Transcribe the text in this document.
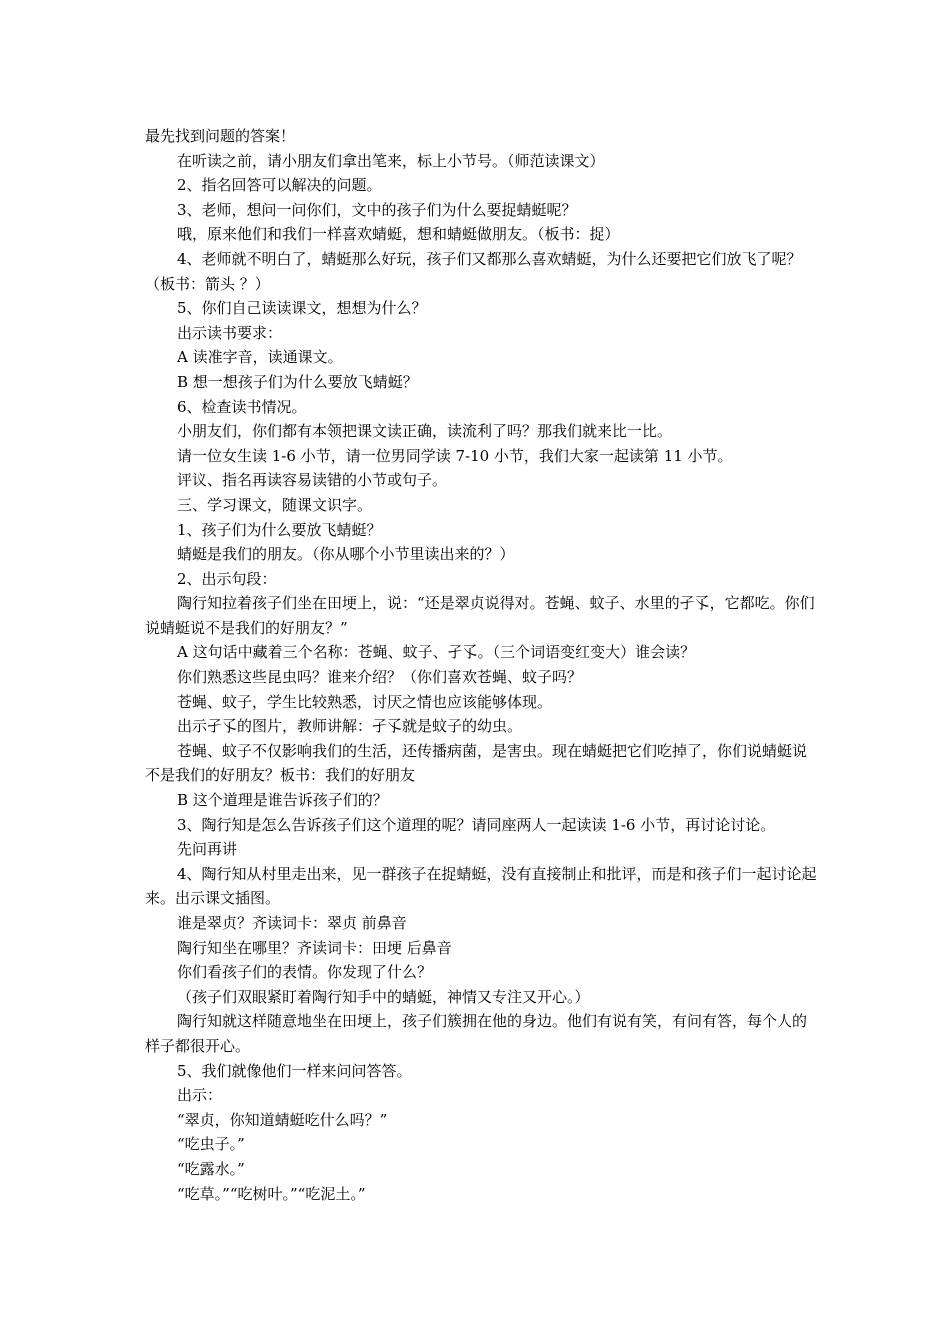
最先找到问题的答案！

在听读之前，请小朋友们拿出笔来，标上小节号。（师范读课文）

2、指名回答可以解决的问题。

3、老师，想问一问你们，文中的孩子们为什么要捉蜻蜓呢？

哦，原来他们和我们一样喜欢蜻蜓，想和蜻蜓做朋友。（板书：捉）

4、老师就不明白了，蜻蜓那么好玩，孩子们又都那么喜欢蜻蜓，为什么还要把它们放飞了呢？（板书：箭头 ？）

5、你们自己读读课文，想想为什么？

出示读书要求：

A 读准字音，读通课文。

B 想一想孩子们为什么要放飞蜻蜓？

6、检查读书情况。

小朋友们，你们都有本领把课文读正确，读流利了吗？那我们就来比一比。

请一位女生读 1-6 小节，请一位男同学读 7-10 小节，我们大家一起读第 11 小节。

评议、指名再读容易读错的小节或句子。

三、学习课文，随课文识字。

1、孩子们为什么要放飞蜻蜓？

蜻蜓是我们的朋友。（你从哪个小节里读出来的？）

2、出示句段：

陶行知拉着孩子们坐在田埂上，说：“还是翠贞说得对。苍蝇、蚊子、水里的孑孓，它都吃。你们说蜻蜓说不是我们的好朋友？”

A 这句话中藏着三个名称：苍蝇、蚊子、孑孓。（三个词语变红变大）谁会读？

你们熟悉这些昆虫吗？谁来介绍？（你们喜欢苍蝇、蚊子吗？

苍蝇、蚊子，学生比较熟悉，讨厌之情也应该能够体现。

出示孑孓的图片，教师讲解：孑孓就是蚊子的幼虫。

苍蝇、蚊子不仅影响我们的生活，还传播病菌，是害虫。现在蜻蜓把它们吃掉了，你们说蜻蜓说不是我们的好朋友？板书：我们的好朋友

B 这个道理是谁告诉孩子们的？

3、陶行知是怎么告诉孩子们这个道理的呢？请同座两人一起读读 1-6 小节，再讨论讨论。

先问再讲

4、陶行知从村里走出来，见一群孩子在捉蜻蜓，没有直接制止和批评，而是和孩子们一起讨论起来。出示课文插图。

谁是翠贞？齐读词卡：翠贞 前鼻音

陶行知坐在哪里？齐读词卡：田埂 后鼻音

你们看孩子们的表情。你发现了什么？

（孩子们双眼紧盯着陶行知手中的蜻蜓，神情又专注又开心。）

陶行知就这样随意地坐在田埂上，孩子们簇拥在他的身边。他们有说有笑，有问有答，每个人的样子都很开心。

5、我们就像他们一样来问问答答。

出示：

“翠贞，你知道蜻蜓吃什么吗？”

“吃虫子。”

“吃露水。”

“吃草。”“吃树叶。”“吃泥土。”
